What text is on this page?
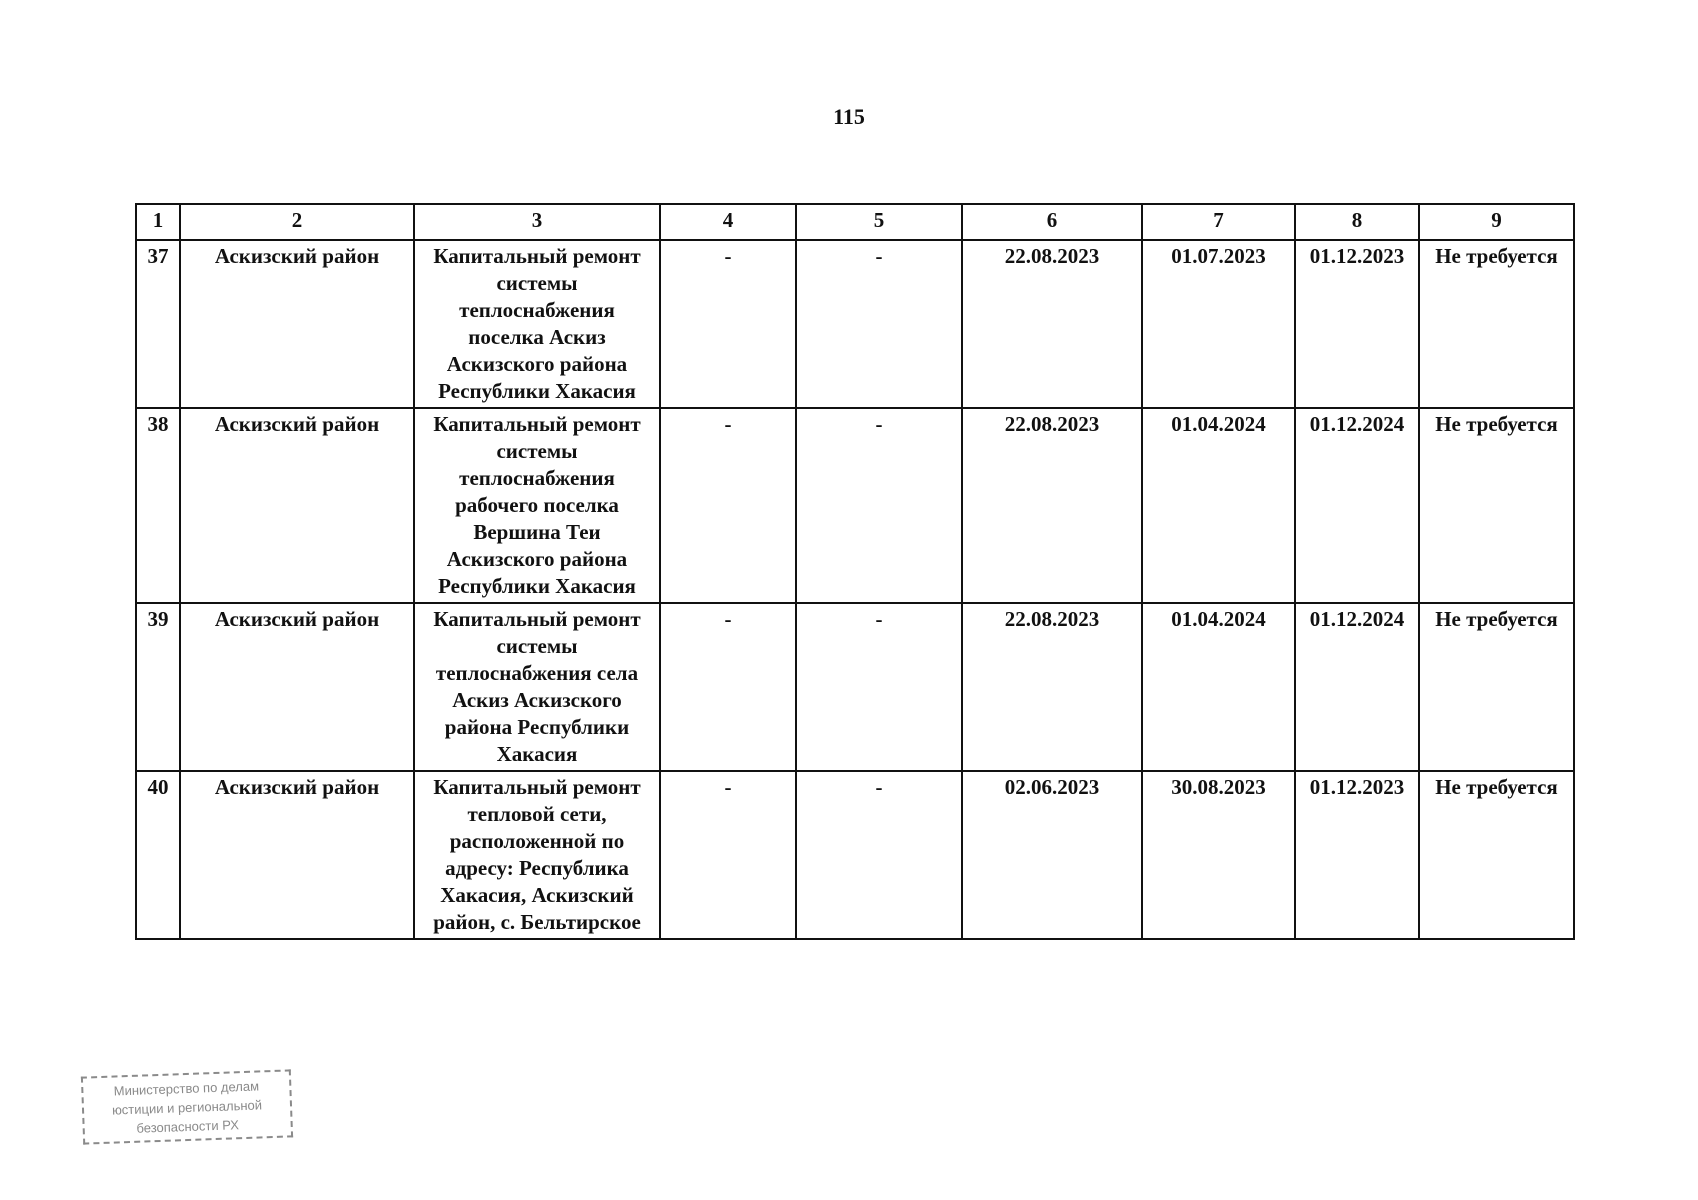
115
1	2	3	4	5	6	7	8	9
37	Аскизский район	Капитальный ремонт системы теплоснабжения поселка Аскиз Аскизского района Республики Хакасия	-	-	22.08.2023	01.07.2023	01.12.2023	Не требуется
38	Аскизский район	Капитальный ремонт системы теплоснабжения рабочего поселка Вершина Теи Аскизского района Республики Хакасия	-	-	22.08.2023	01.04.2024	01.12.2024	Не требуется
39	Аскизский район	Капитальный ремонт системы теплоснабжения села Аскиз Аскизского района Республики Хакасия	-	-	22.08.2023	01.04.2024	01.12.2024	Не требуется
40	Аскизский район	Капитальный ремонт тепловой сети, расположенной по адресу: Республика Хакасия, Аскизский район, с. Бельтирское	-	-	02.06.2023	30.08.2023	01.12.2023	Не требуется
Министерство по делам
юстиции и региональной
безопасности РХ
